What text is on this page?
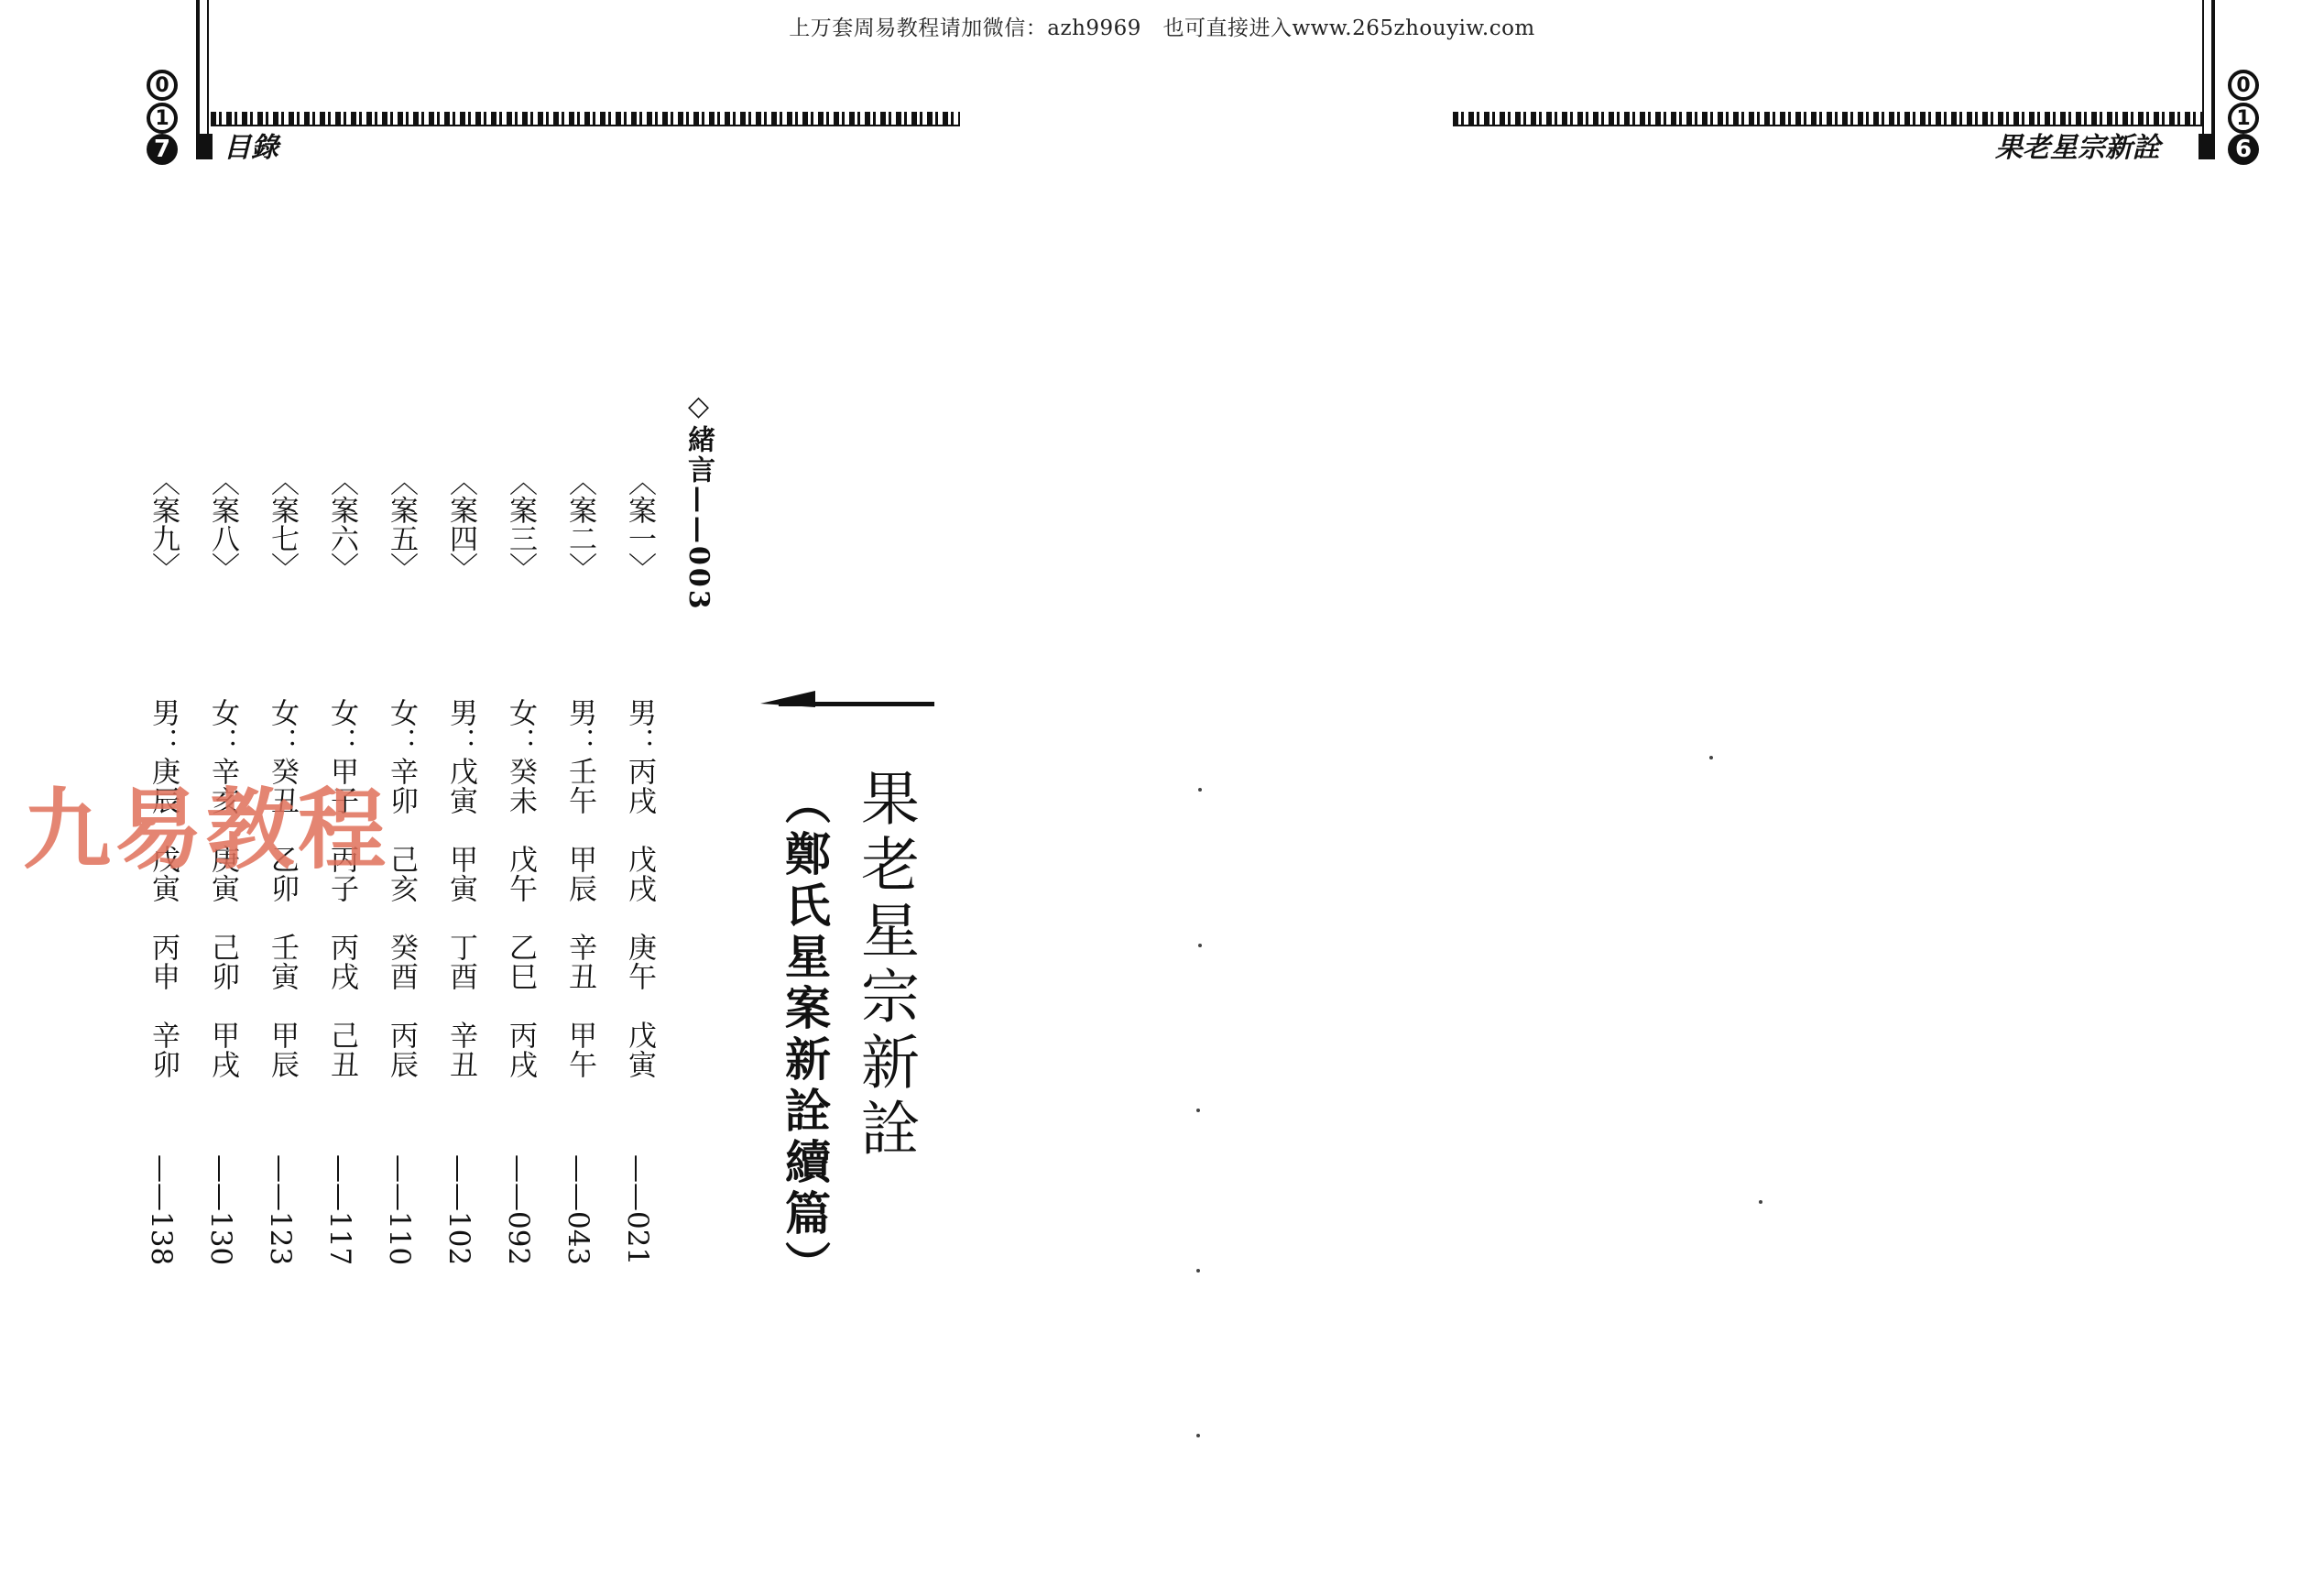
上万套周易教程请加微信：azh9969　也可直接进入www.265zhouyiw.com
目錄
0
1
7	果老星宗新詮
0
1
6
果老星宗新詮
（鄭氏星案新詮續篇）
◇緒言——003
〈案一〉
男：丙戌　戊戌　庚午　戊寅
——021
〈案二〉
男：壬午　甲辰　辛丑　甲午
——043
〈案三〉
女：癸未　戊午　乙巳　丙戌
——092
〈案四〉
男：戊寅　甲寅　丁酉　辛丑
——102
〈案五〉
女：辛卯　己亥　癸酉　丙辰
——110
〈案六〉
女：甲子　丙子　丙戌　己丑
——117
〈案七〉
女：癸丑　乙卯　壬寅　甲辰
——123
〈案八〉
女：辛亥　庚寅　己卯　甲戌
——130
〈案九〉
男：庚辰　戊寅　丙申　辛卯
——138
九易教程
